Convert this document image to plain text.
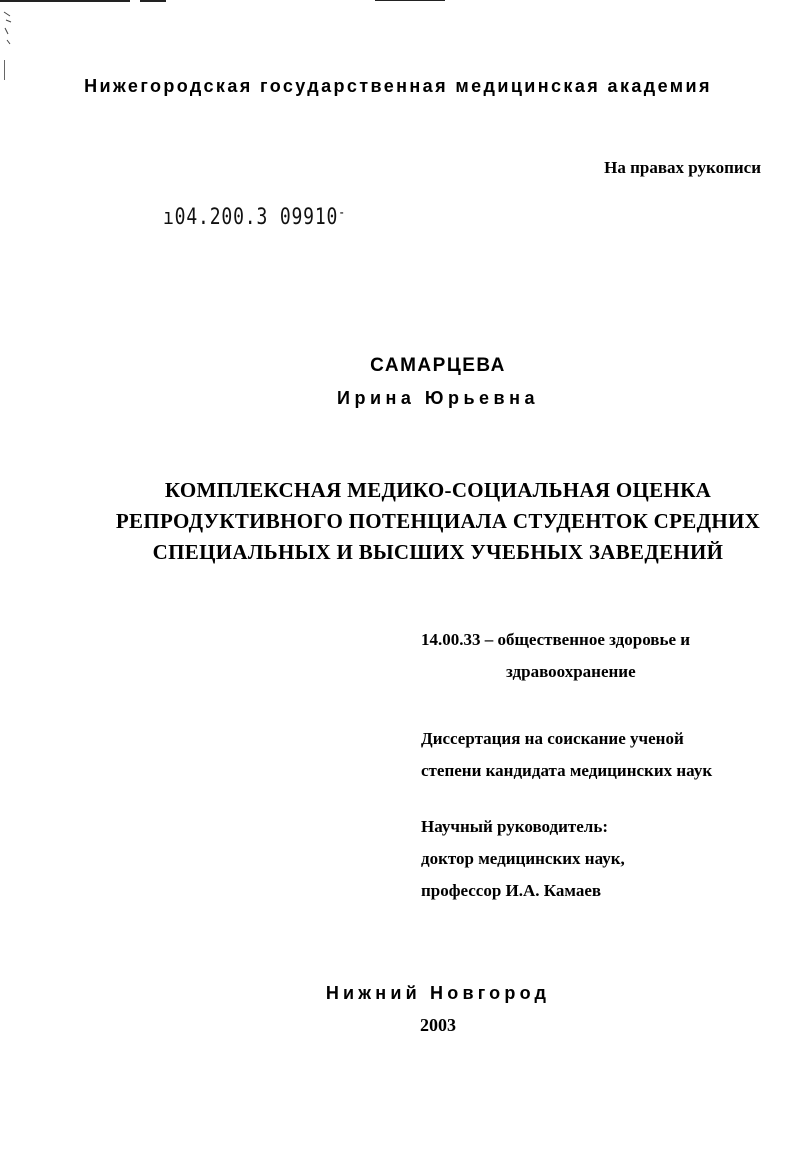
Нижегородская государственная медицинская академия
На правах рукописи
ı04.200.3 09910-
САМАРЦЕВА
Ирина Юрьевна
КОМПЛЕКСНАЯ МЕДИКО-СОЦИАЛЬНАЯ ОЦЕНКА
РЕПРОДУКТИВНОГО ПОТЕНЦИАЛА СТУДЕНТОК СРЕДНИХ
СПЕЦИАЛЬНЫХ И ВЫСШИХ УЧЕБНЫХ ЗАВЕДЕНИЙ
14.00.33 – общественное здоровье и
здравоохранение
Диссертация на соискание ученой
степени кандидата медицинских наук
Научный руководитель:
доктор медицинских наук,
профессор И.А. Камаев
Нижний Новгород
2003
